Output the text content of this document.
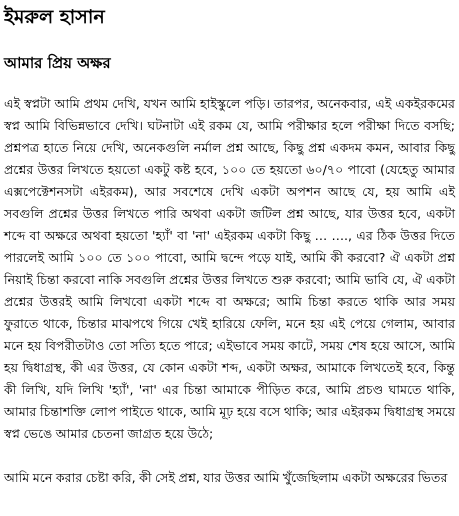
ইমরুল হাসান
আমার প্রিয় অক্ষর

এই স্বপ্নটা আমি প্রথম দেখি, যখন আমি হাইস্কুলে পড়ি। তারপর, অনেকবার, এই একইরকমের স্বপ্ন আমি বিভিন্নভাবে দেখি। ঘটনাটা এই রকম যে, আমি পরীক্ষার হলে পরীক্ষা দিতে বসছি; প্রশ্নপত্র হাতে নিয়ে দেখি, অনেকগুলি নর্মাল প্রশ্ন আছে, কিছু প্রশ্ন একদম কমন, আবার কিছু প্রশ্নের উত্তর লিখতে হয়তো একটু কষ্ট হবে, ১০০ তে হয়তো ৬০/৭০ পাবো (যেহেতু আমার এক্সপেক্টেশনসটা এইরকম), আর সবশেষে দেখি একটা অপশন আছে যে, হয় আমি এই সবগুলি প্রশ্নের উত্তর লিখতে পারি অথবা একটা জটিল প্রশ্ন আছে, যার উত্তর হবে, একটা শব্দে বা অক্ষরে অথবা হয়তো 'হ্যাঁ' বা 'না' এইরকম একটা কিছু … …., এর ঠিক উত্তর দিতে পারলেই আমি ১০০ তে ১০০ পাবো, আমি দ্বন্দে পড়ে যাই, আমি কী করবো? ঐ একটা প্রশ্ন নিয়াই চিন্তা করবো নাকি সবগুলি প্রশ্নের উত্তর লিখতে শুরু করবো; আমি ভাবি যে, ঐ একটা প্রশ্নের উত্তরই আমি লিখবো একটা শব্দে বা অক্ষরে; আমি চিন্তা করতে থাকি আর সময় ফুরাতে থাকে, চিন্তার মাঝপথে গিয়ে খেই হারিয়ে ফেলি, মনে হয় এই পেয়ে গেলাম, আবার মনে হয় বিপরীতটাও তো সত্যি হতে পারে; এইভাবে সময় কাটে, সময় শেষ হয়ে আসে, আমি হয় দ্বিধাগ্রস্থ, কী এর উত্তর, যে কোন একটা শব্দ, একটা অক্ষর, আমাকে লিখতেই হবে, কিন্তু কী লিখি, যদি লিখি 'হ্যাঁ', 'না' এর চিন্তা আমাকে পীড়িত করে, আমি প্রচণ্ড ঘামতে থাকি, আমার চিন্তাশক্তি লোপ পাইতে থাকে, আমি মূঢ় হয়ে বসে থাকি; আর এইরকম দ্বিধাগ্রস্থ সময়ে স্বপ্ন ভেঙে আমার চেতনা জাগ্রত হয়ে উঠে;

আমি মনে করার চেষ্টা করি, কী সেই প্রশ্ন, যার উত্তর আমি খুঁজেছিলাম একটা অক্ষরের ভিতর
